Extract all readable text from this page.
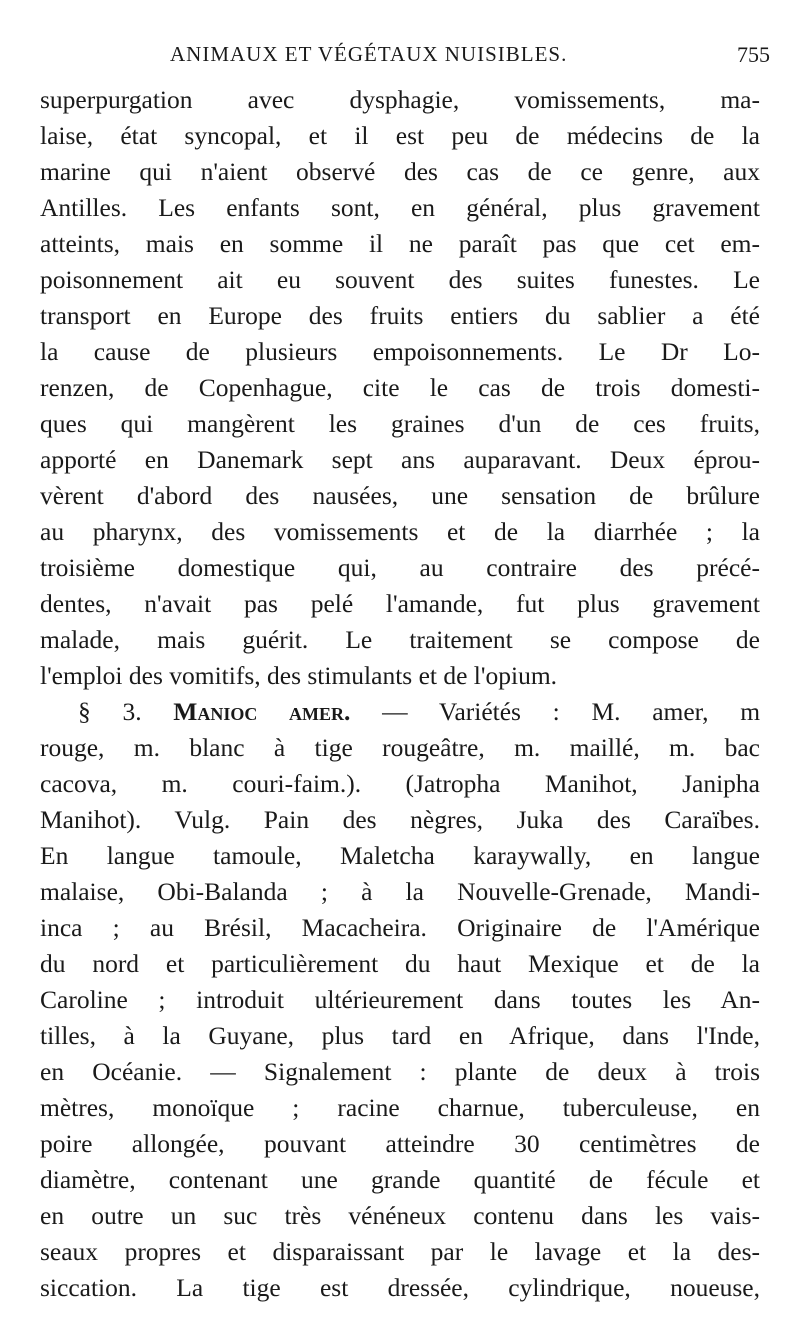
ANIMAUX ET VÉGÉTAUX NUISIBLES.	755
superpurgation avec dysphagie, vomissements, ma-
laise, état syncopal, et il est peu de médecins de la
marine qui n'aient observé des cas de ce genre, aux
Antilles. Les enfants sont, en général, plus gravement
atteints, mais en somme il ne paraît pas que cet em-
poisonnement ait eu souvent des suites funestes. Le
transport en Europe des fruits entiers du sablier a été
la cause de plusieurs empoisonnements. Le Dr Lo-
renzen, de Copenhague, cite le cas de trois domesti-
ques qui mangèrent les graines d'un de ces fruits,
apporté en Danemark sept ans auparavant. Deux éprou-
vèrent d'abord des nausées, une sensation de brûlure
au pharynx, des vomissements et de la diarrhée ; la
troisième domestique qui, au contraire des précé-
dentes, n'avait pas pelé l'amande, fut plus gravement
malade, mais guérit. Le traitement se compose de
l'emploi des vomitifs, des stimulants et de l'opium.
§ 3. Manioc amer. — Variétés : M. amer, m
rouge, m. blanc à tige rougeâtre, m. maillé, m. bac
cacova, m. couri-faim.). (Jatropha Manihot, Janipha
Manihot). Vulg. Pain des nègres, Juka des Caraïbes.
En langue tamoule, Maletcha karaywally, en langue
malaise, Obi-Balanda ; à la Nouvelle-Grenade, Mandi-
inca ; au Brésil, Macacheira. Originaire de l'Amérique
du nord et particulièrement du haut Mexique et de la
Caroline ; introduit ultérieurement dans toutes les An-
tilles, à la Guyane, plus tard en Afrique, dans l'Inde,
en Océanie. — Signalement : plante de deux à trois
mètres, monoïque ; racine charnue, tuberculeuse, en
poire allongée, pouvant atteindre 30 centimètres de
diamètre, contenant une grande quantité de fécule et
en outre un suc très vénéneux contenu dans les vais-
seaux propres et disparaissant par le lavage et la des-
siccation. La tige est dressée, cylindrique, noueuse,
